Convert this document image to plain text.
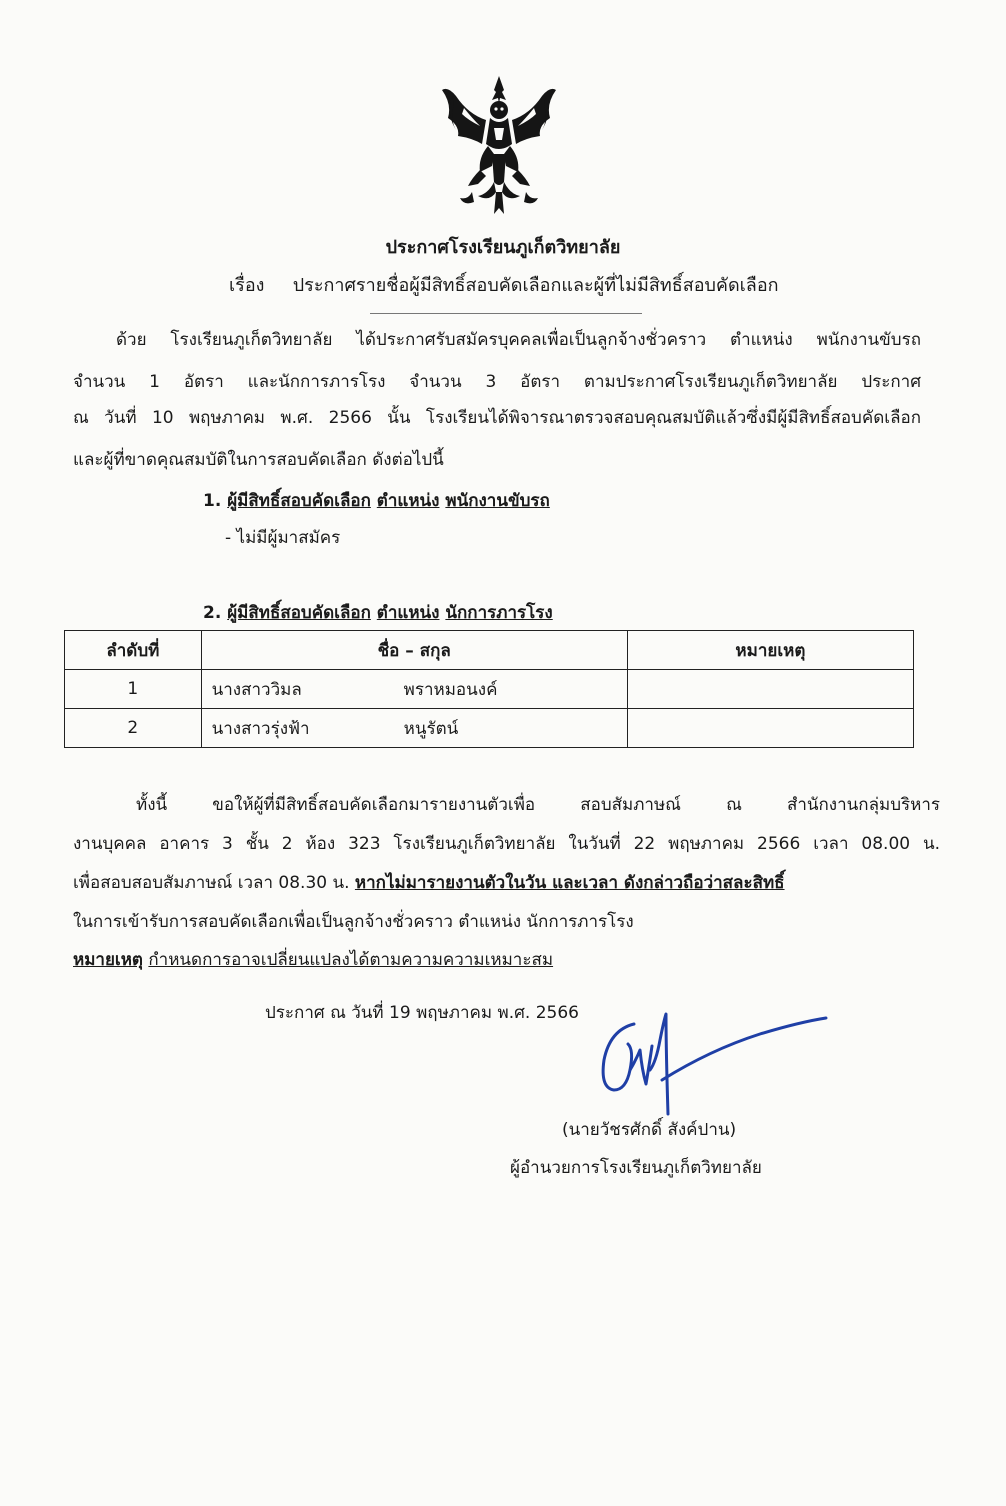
ประกาศโรงเรียนภูเก็ตวิทยาลัย
เรื่อง ประกาศรายชื่อผู้มีสิทธิ์สอบคัดเลือกและผู้ที่ไม่มีสิทธิ์สอบคัดเลือก
ด้วย โรงเรียนภูเก็ตวิทยาลัย ได้ประกาศรับสมัครบุคคลเพื่อเป็นลูกจ้างชั่วคราว ตำแหน่ง พนักงานขับรถ
จำนวน 1 อัตรา และนักการภารโรง จำนวน 3 อัตรา ตามประกาศโรงเรียนภูเก็ตวิทยาลัย ประกาศ
ณ วันที่ 10 พฤษภาคม พ.ศ. 2566 นั้น โรงเรียนได้พิจารณาตรวจสอบคุณสมบัติแล้วซึ่งมีผู้มีสิทธิ์สอบคัดเลือก
และผู้ที่ขาดคุณสมบัติในการสอบคัดเลือก ดังต่อไปนี้
1. ผู้มีสิทธิ์สอบคัดเลือก ตำแหน่ง พนักงานขับรถ
- ไม่มีผู้มาสมัคร
2. ผู้มีสิทธิ์สอบคัดเลือก ตำแหน่ง นักการภารโรง
ลำดับที่	ชื่อ – สกุล	หมายเหตุ
1	นางสาววิมล พราหมอนงค์	
2	นางสาวรุ่งฟ้า หนูรัตน์	
ทั้งนี้ ขอให้ผู้ที่มีสิทธิ์สอบคัดเลือกมารายงานตัวเพื่อ สอบสัมภาษณ์ ณ สำนักงานกลุ่มบริหาร
งานบุคคล อาคาร 3 ชั้น 2 ห้อง 323 โรงเรียนภูเก็ตวิทยาลัย ในวันที่ 22 พฤษภาคม 2566 เวลา 08.00 น.
เพื่อสอบสอบสัมภาษณ์ เวลา 08.30 น. หากไม่มารายงานตัวในวัน และเวลา ดังกล่าวถือว่าสละสิทธิ์
ในการเข้ารับการสอบคัดเลือกเพื่อเป็นลูกจ้างชั่วคราว ตำแหน่ง นักการภารโรง
หมายเหตุ กำหนดการอาจเปลี่ยนแปลงได้ตามความความเหมาะสม
ประกาศ ณ วันที่ 19 พฤษภาคม พ.ศ. 2566
(นายวัชรศักดิ์ สังค์ปาน)
ผู้อำนวยการโรงเรียนภูเก็ตวิทยาลัย
